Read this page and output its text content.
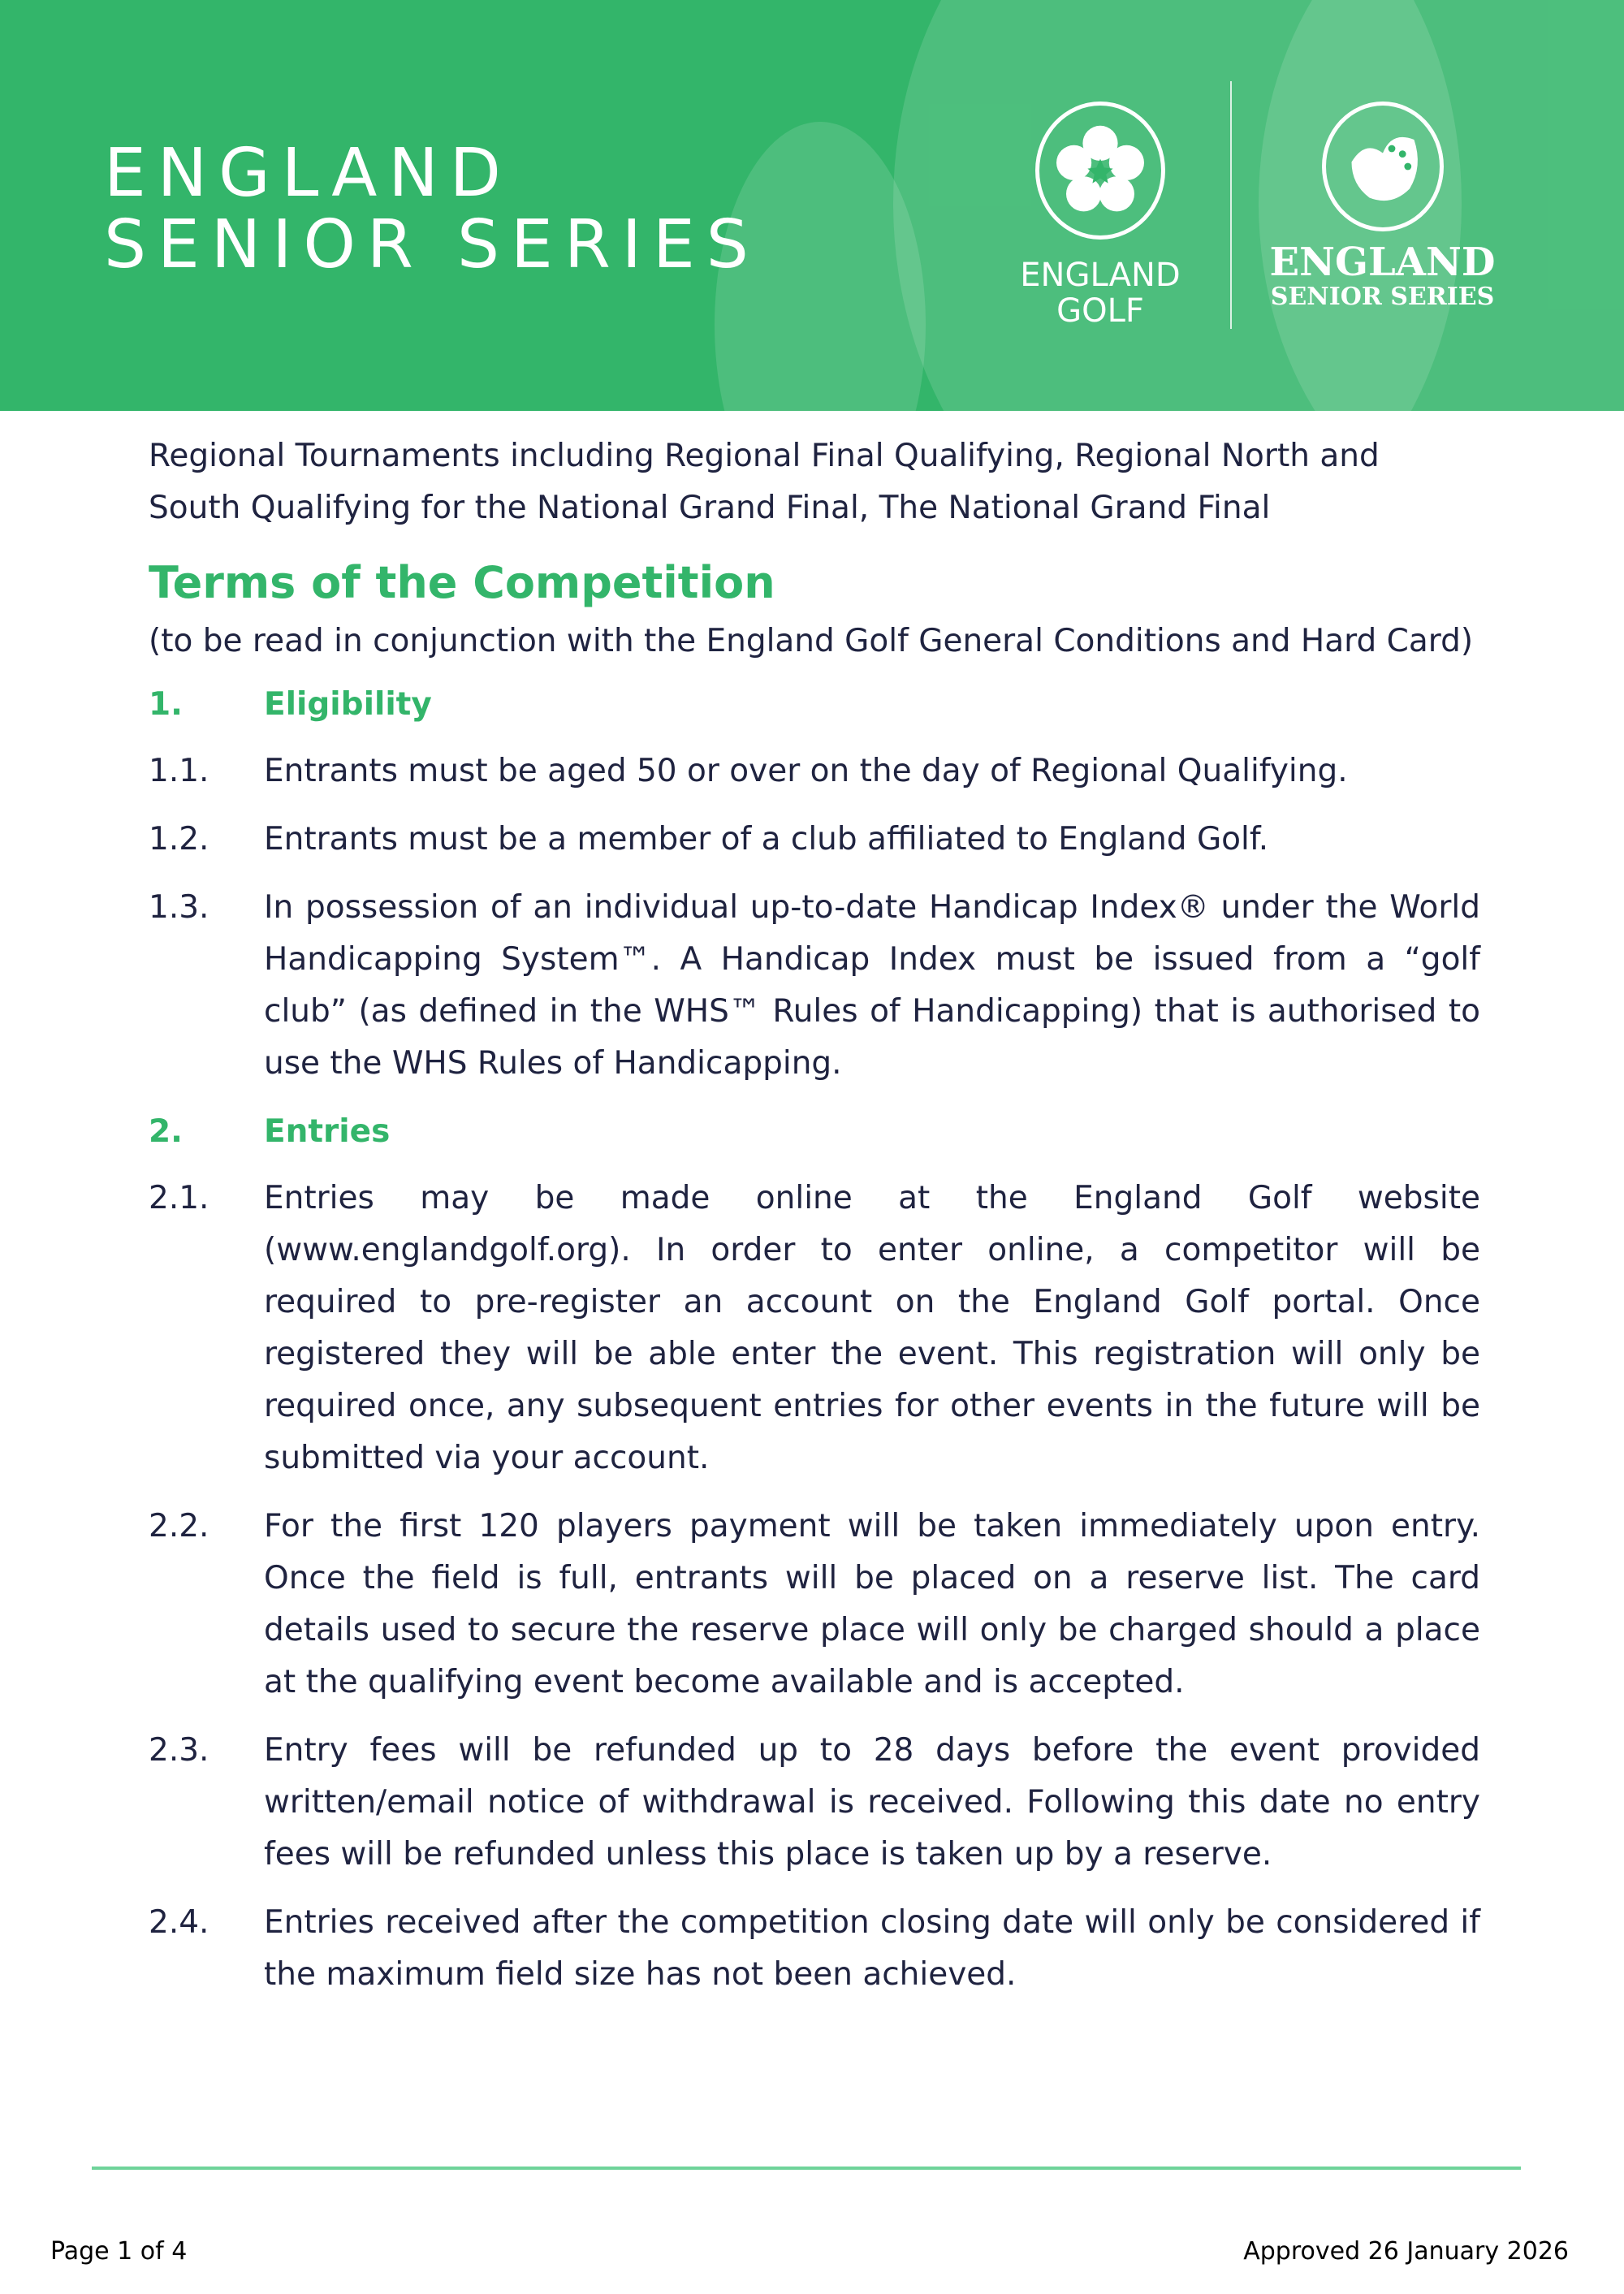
ENGLAND
SENIOR SERIES	ENGLAND
GOLF
ENGLAND
SENIOR SERIES

Regional Tournaments including Regional Final Qualifying, Regional North and South Qualifying for the National Grand Final, The National Grand Final

Terms of the Competition

(to be read in conjunction with the England Golf General Conditions and Hard Card)

1.	Eligibility
1.1.	Entrants must be aged 50 or over on the day of Regional Qualifying.
1.2.	Entrants must be a member of a club affiliated to England Golf.
1.3.	In possession of an individual up-to-date Handicap Index® under the World Handicapping System™. A Handicap Index must be issued from a “golf club” (as defined in the WHS™ Rules of Handicapping) that is authorised to use the WHS Rules of Handicapping.
2.	Entries
2.1.	Entries may be made online at the England Golf website (www.englandgolf.org). In order to enter online, a competitor will be required to pre-register an account on the England Golf portal. Once registered they will be able enter the event. This registration will only be required once, any subsequent entries for other events in the future will be submitted via your account.
2.2.	For the first 120 players payment will be taken immediately upon entry. Once the field is full, entrants will be placed on a reserve list. The card details used to secure the reserve place will only be charged should a place at the qualifying event become available and is accepted.
2.3.	Entry fees will be refunded up to 28 days before the event provided written/email notice of withdrawal is received. Following this date no entry fees will be refunded unless this place is taken up by a reserve.
2.4.	Entries received after the competition closing date will only be considered if the maximum field size has not been achieved.
Page 1 of 4	Approved 26 January 2026
